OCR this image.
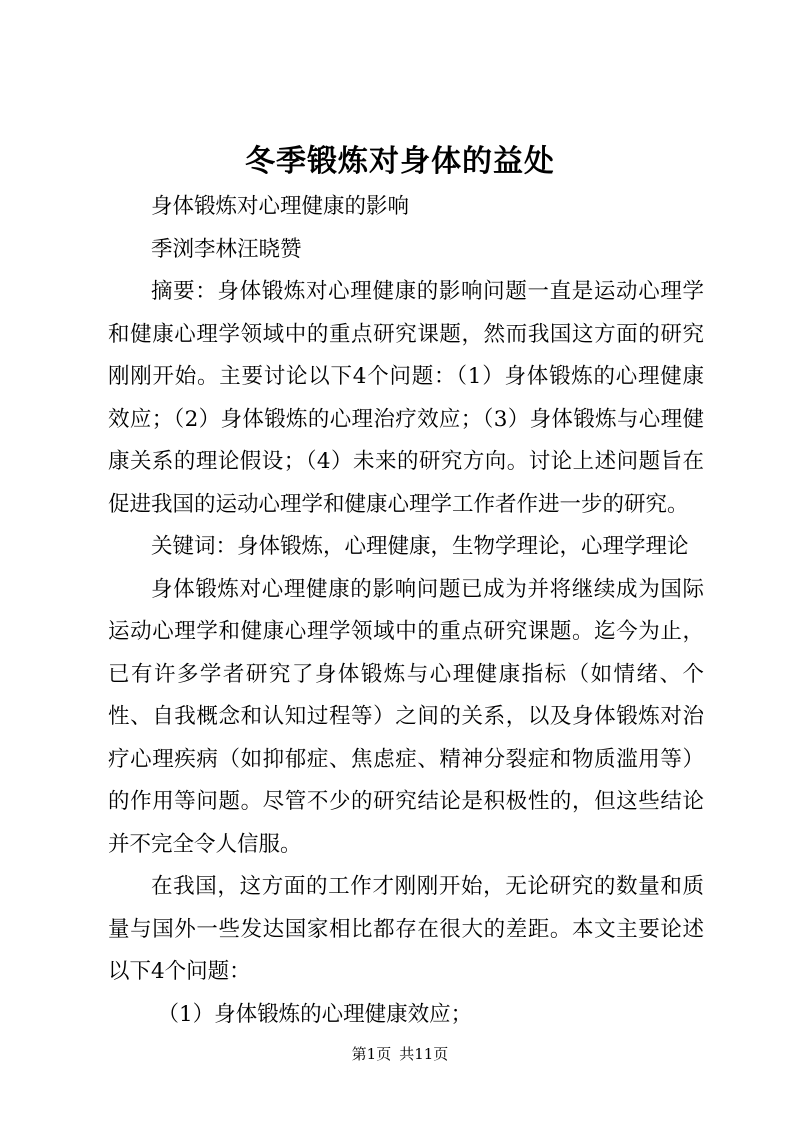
冬季锻炼对身体的益处

身体锻炼对心理健康的影响

季浏李林汪晓赞

摘要：身体锻炼对心理健康的影响问题一直是运动心理学和健康心理学领域中的重点研究课题，然而我国这方面的研究刚刚开始。主要讨论以下4个问题：（1）身体锻炼的心理健康效应；（2）身体锻炼的心理治疗效应；（3）身体锻炼与心理健康关系的理论假设；（4）未来的研究方向。讨论上述问题旨在促进我国的运动心理学和健康心理学工作者作进一步的研究。

关键词：身体锻炼，心理健康，生物学理论，心理学理论

身体锻炼对心理健康的影响问题已成为并将继续成为国际运动心理学和健康心理学领域中的重点研究课题。迄今为止，已有许多学者研究了身体锻炼与心理健康指标（如情绪、个性、自我概念和认知过程等）之间的关系，以及身体锻炼对治疗心理疾病（如抑郁症、焦虑症、精神分裂症和物质滥用等）的作用等问题。尽管不少的研究结论是积极性的，但这些结论并不完全令人信服。

在我国，这方面的工作才刚刚开始，无论研究的数量和质量与国外一些发达国家相比都存在很大的差距。本文主要论述以下4个问题：

（1）身体锻炼的心理健康效应；

第1页 共11页
